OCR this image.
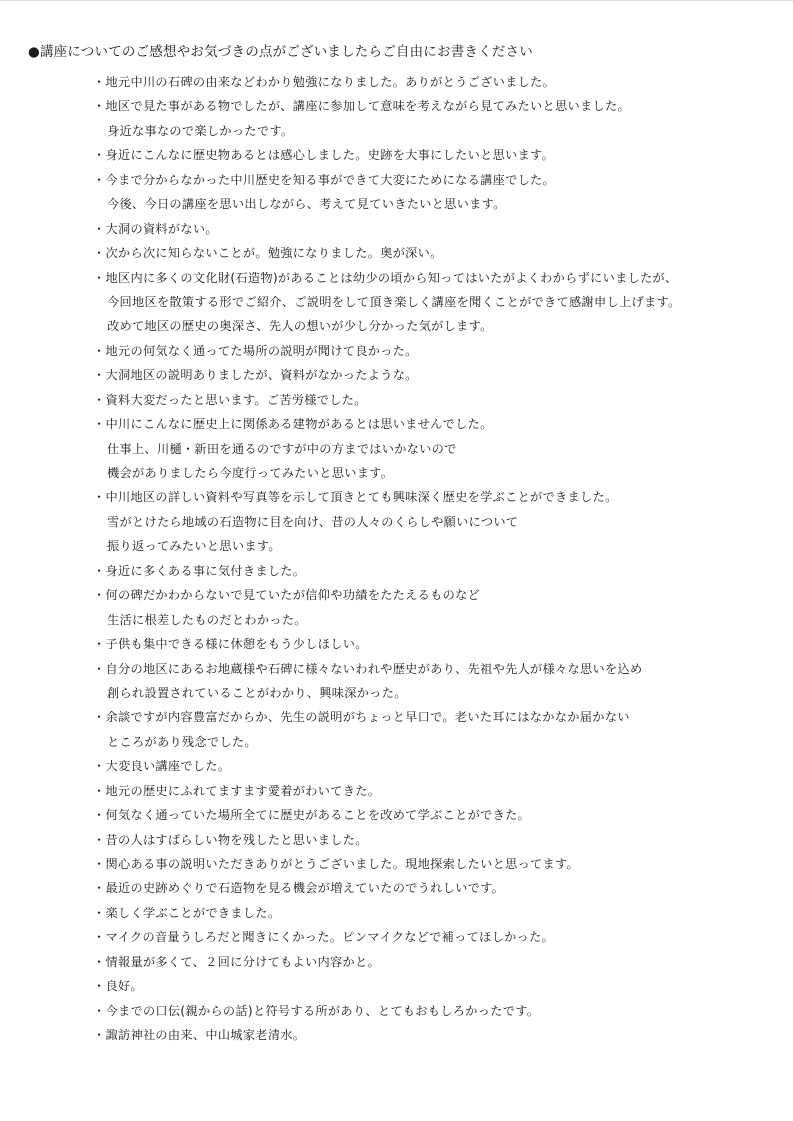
●講座についてのご感想やお気づきの点がございましたらご自由にお書きください
・地元中川の石碑の由来などわかり勉強になりました。ありがとうございました。
・地区で見た事がある物でしたが、講座に参加して意味を考えながら見てみたいと思いました。
身近な事なので楽しかったです。
・身近にこんなに歴史物あるとは感心しました。史跡を大事にしたいと思います。
・今まで分からなかった中川歴史を知る事ができて大変にためになる講座でした。
今後、今日の講座を思い出しながら、考えて見ていきたいと思います。
・大洞の資料がない。
・次から次に知らないことが。勉強になりました。奥が深い。
・地区内に多くの文化財(石造物)があることは幼少の頃から知ってはいたがよくわからずにいましたが、
今回地区を散策する形でご紹介、ご説明をして頂き楽しく講座を聞くことができて感謝申し上げます。
改めて地区の歴史の奥深さ、先人の想いが少し分かった気がします。
・地元の何気なく通ってた場所の説明が聞けて良かった。
・大洞地区の説明ありましたが、資料がなかったような。
・資料大変だったと思います。ご苦労様でした。
・中川にこんなに歴史上に関係ある建物があるとは思いませんでした。
仕事上、川樋・新田を通るのですが中の方まではいかないので
機会がありましたら今度行ってみたいと思います。
・中川地区の詳しい資料や写真等を示して頂きとても興味深く歴史を学ぶことができました。
雪がとけたら地域の石造物に目を向け、昔の人々のくらしや願いについて
振り返ってみたいと思います。
・身近に多くある事に気付きました。
・何の碑だかわからないで見ていたが信仰や功績をたたえるものなど
生活に根差したものだとわかった。
・子供も集中できる様に休憩をもう少しほしい。
・自分の地区にあるお地蔵様や石碑に様々ないわれや歴史があり、先祖や先人が様々な思いを込め
創られ設置されていることがわかり、興味深かった。
・余談ですが内容豊富だからか、先生の説明がちょっと早口で。老いた耳にはなかなか届かない
ところがあり残念でした。
・大変良い講座でした。
・地元の歴史にふれてますます愛着がわいてきた。
・何気なく通っていた場所全てに歴史があることを改めて学ぶことができた。
・昔の人はすばらしい物を残したと思いました。
・関心ある事の説明いただきありがとうございました。現地探索したいと思ってます。
・最近の史跡めぐりで石造物を見る機会が増えていたのでうれしいです。
・楽しく学ぶことができました。
・マイクの音量うしろだと聞きにくかった。ピンマイクなどで補ってほしかった。
・情報量が多くて、２回に分けてもよい内容かと。
・良好。
・今までの口伝(親からの話)と符号する所があり、とてもおもしろかったです。
・諏訪神社の由来、中山城家老清水。
